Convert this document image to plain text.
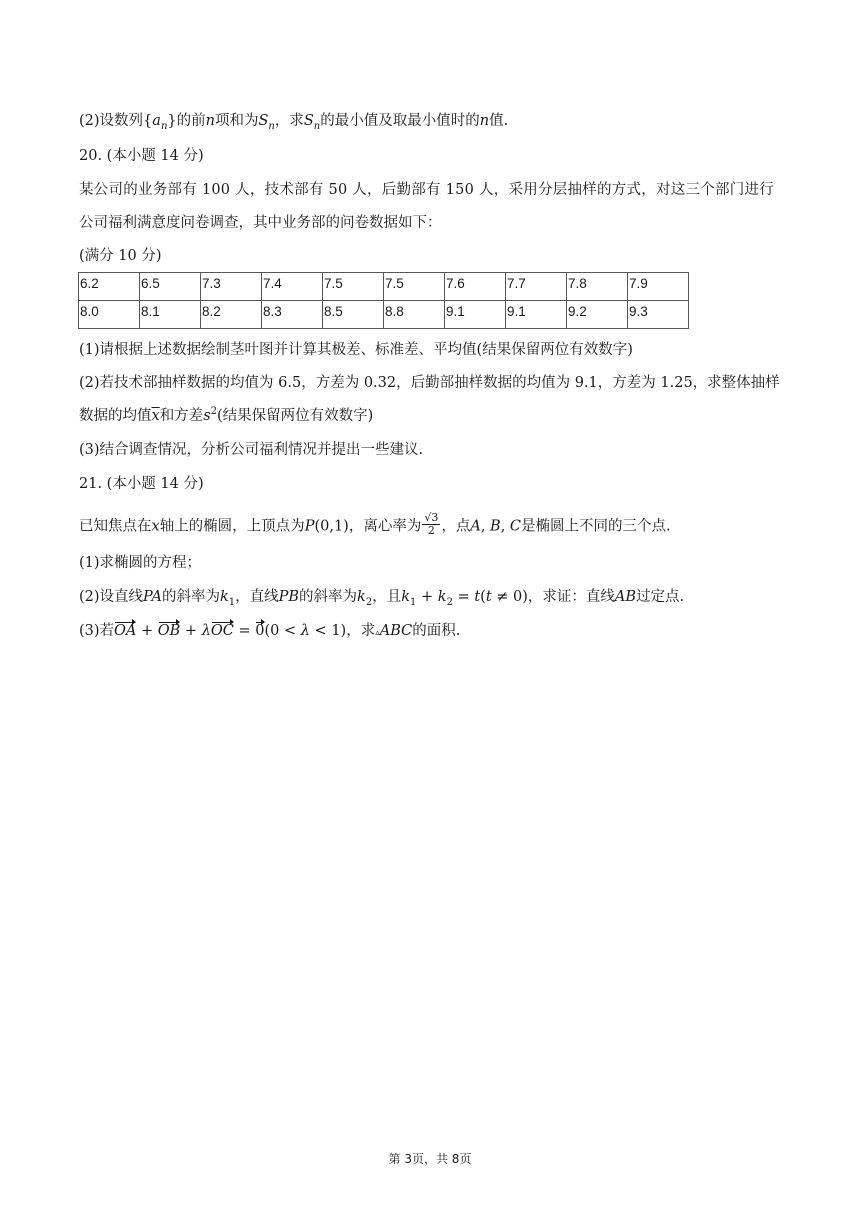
(2)设数列$\{a_n\}$的前n项和为$S_n$，求$S_n$的最小值及取最小值时的n值.
20. (本小题 14 分)
某公司的业务部有 100 人，技术部有 50 人，后勤部有 150 人，采用分层抽样的方式，对这三个部门进行
公司福利满意度问卷调查，其中业务部的问卷数据如下：
(满分 10 分)
6.2	6.5	7.3	7.4	7.5	7.5	7.6	7.7	7.8	7.9
8.0	8.1	8.2	8.3	8.5	8.8	9.1	9.1	9.2	9.3
(1)请根据上述数据绘制茎叶图并计算其极差、标准差、平均值(结果保留两位有效数字)
(2)若技术部抽样数据的均值为 6.5，方差为 0.32，后勤部抽样数据的均值为 9.1，方差为 1.25，求整体抽样
数据的均值$\overline{x}$和方差$s^2$(结果保留两位有效数字)
(3)结合调查情况，分析公司福利情况并提出一些建议.
21. (本小题 14 分)
已知焦点在x轴上的椭圆，上顶点为P(0,1)，离心率为 $\frac{√3}{2}$ ，点A, B, C是椭圆上不同的三个点.
(1)求椭圆的方程；
(2)设直线PA的斜率为$k_1$，直线PB的斜率为$k_2$，且$k_1 + k_2 = t(t \ne 0)$，求证：直线AB过定点.
(3)若OA + OB + λOC = 0(0 < λ < 1)，求▵ABC的面积.
第 3页，共 8页
